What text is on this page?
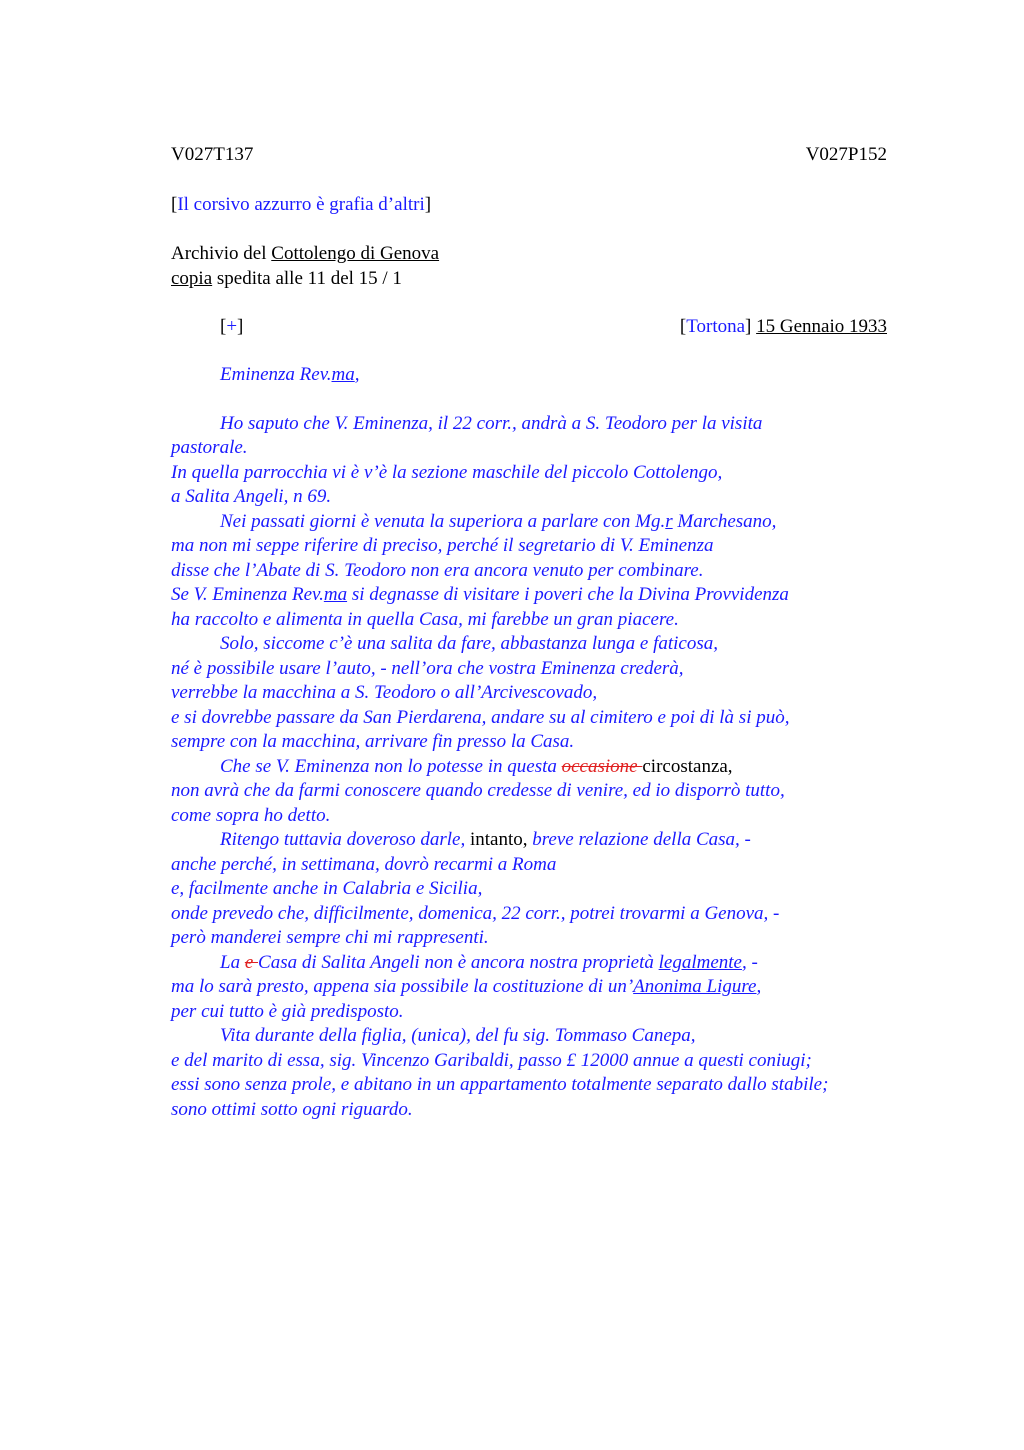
V027T137	V027P152
[Il corsivo azzurro è grafia d’altri]
Archivio del Cottolengo di Genova
copia spedita alle 11 del 15 / 1
[+]	[Tortona] 15 Gennaio 1933
Eminenza Rev.ma,
Ho saputo che V. Eminenza, il 22 corr., andrà a S. Teodoro per la visita
pastorale.
In quella parrocchia vi è v’è la sezione maschile del piccolo Cottolengo,
a Salita Angeli, n 69.
Nei passati giorni è venuta la superiora a parlare con Mg.r Marchesano,
ma non mi seppe riferire di preciso, perché il segretario di V. Eminenza
disse che l’Abate di S. Teodoro non era ancora venuto per combinare.
Se V. Eminenza Rev.ma si degnasse di visitare i poveri che la Divina Provvidenza
ha raccolto e alimenta in quella Casa, mi farebbe un gran piacere.
Solo, siccome c’è una salita da fare, abbastanza lunga e faticosa,
né è possibile usare l’auto, - nell’ora che vostra Eminenza crederà,
verrebbe la macchina a S. Teodoro o all’Arcivescovado,
e si dovrebbe passare da San Pierdarena, andare su al cimitero e poi di là si può,
sempre con la macchina, arrivare fin presso la Casa.
Che se V. Eminenza non lo potesse in questa occasione circostanza,
non avrà che da farmi conoscere quando credesse di venire, ed io disporrò tutto,
come sopra ho detto.
Ritengo tuttavia doveroso darle, intanto, breve relazione della Casa, -
anche perché, in settimana, dovrò recarmi a Roma
e, facilmente anche in Calabria e Sicilia,
onde prevedo che, difficilmente, domenica, 22 corr., potrei trovarmi a Genova, -
però manderei sempre chi mi rappresenti.
La e Casa di Salita Angeli non è ancora nostra proprietà legalmente, -
ma lo sarà presto, appena sia possibile la costituzione di un’Anonima Ligure,
per cui tutto è già predisposto.
Vita durante della figlia, (unica), del fu sig. Tommaso Canepa,
e del marito di essa, sig. Vincenzo Garibaldi, passo £ 12000 annue a questi coniugi;
essi sono senza prole, e abitano in un appartamento totalmente separato dallo stabile;
sono ottimi sotto ogni riguardo.
